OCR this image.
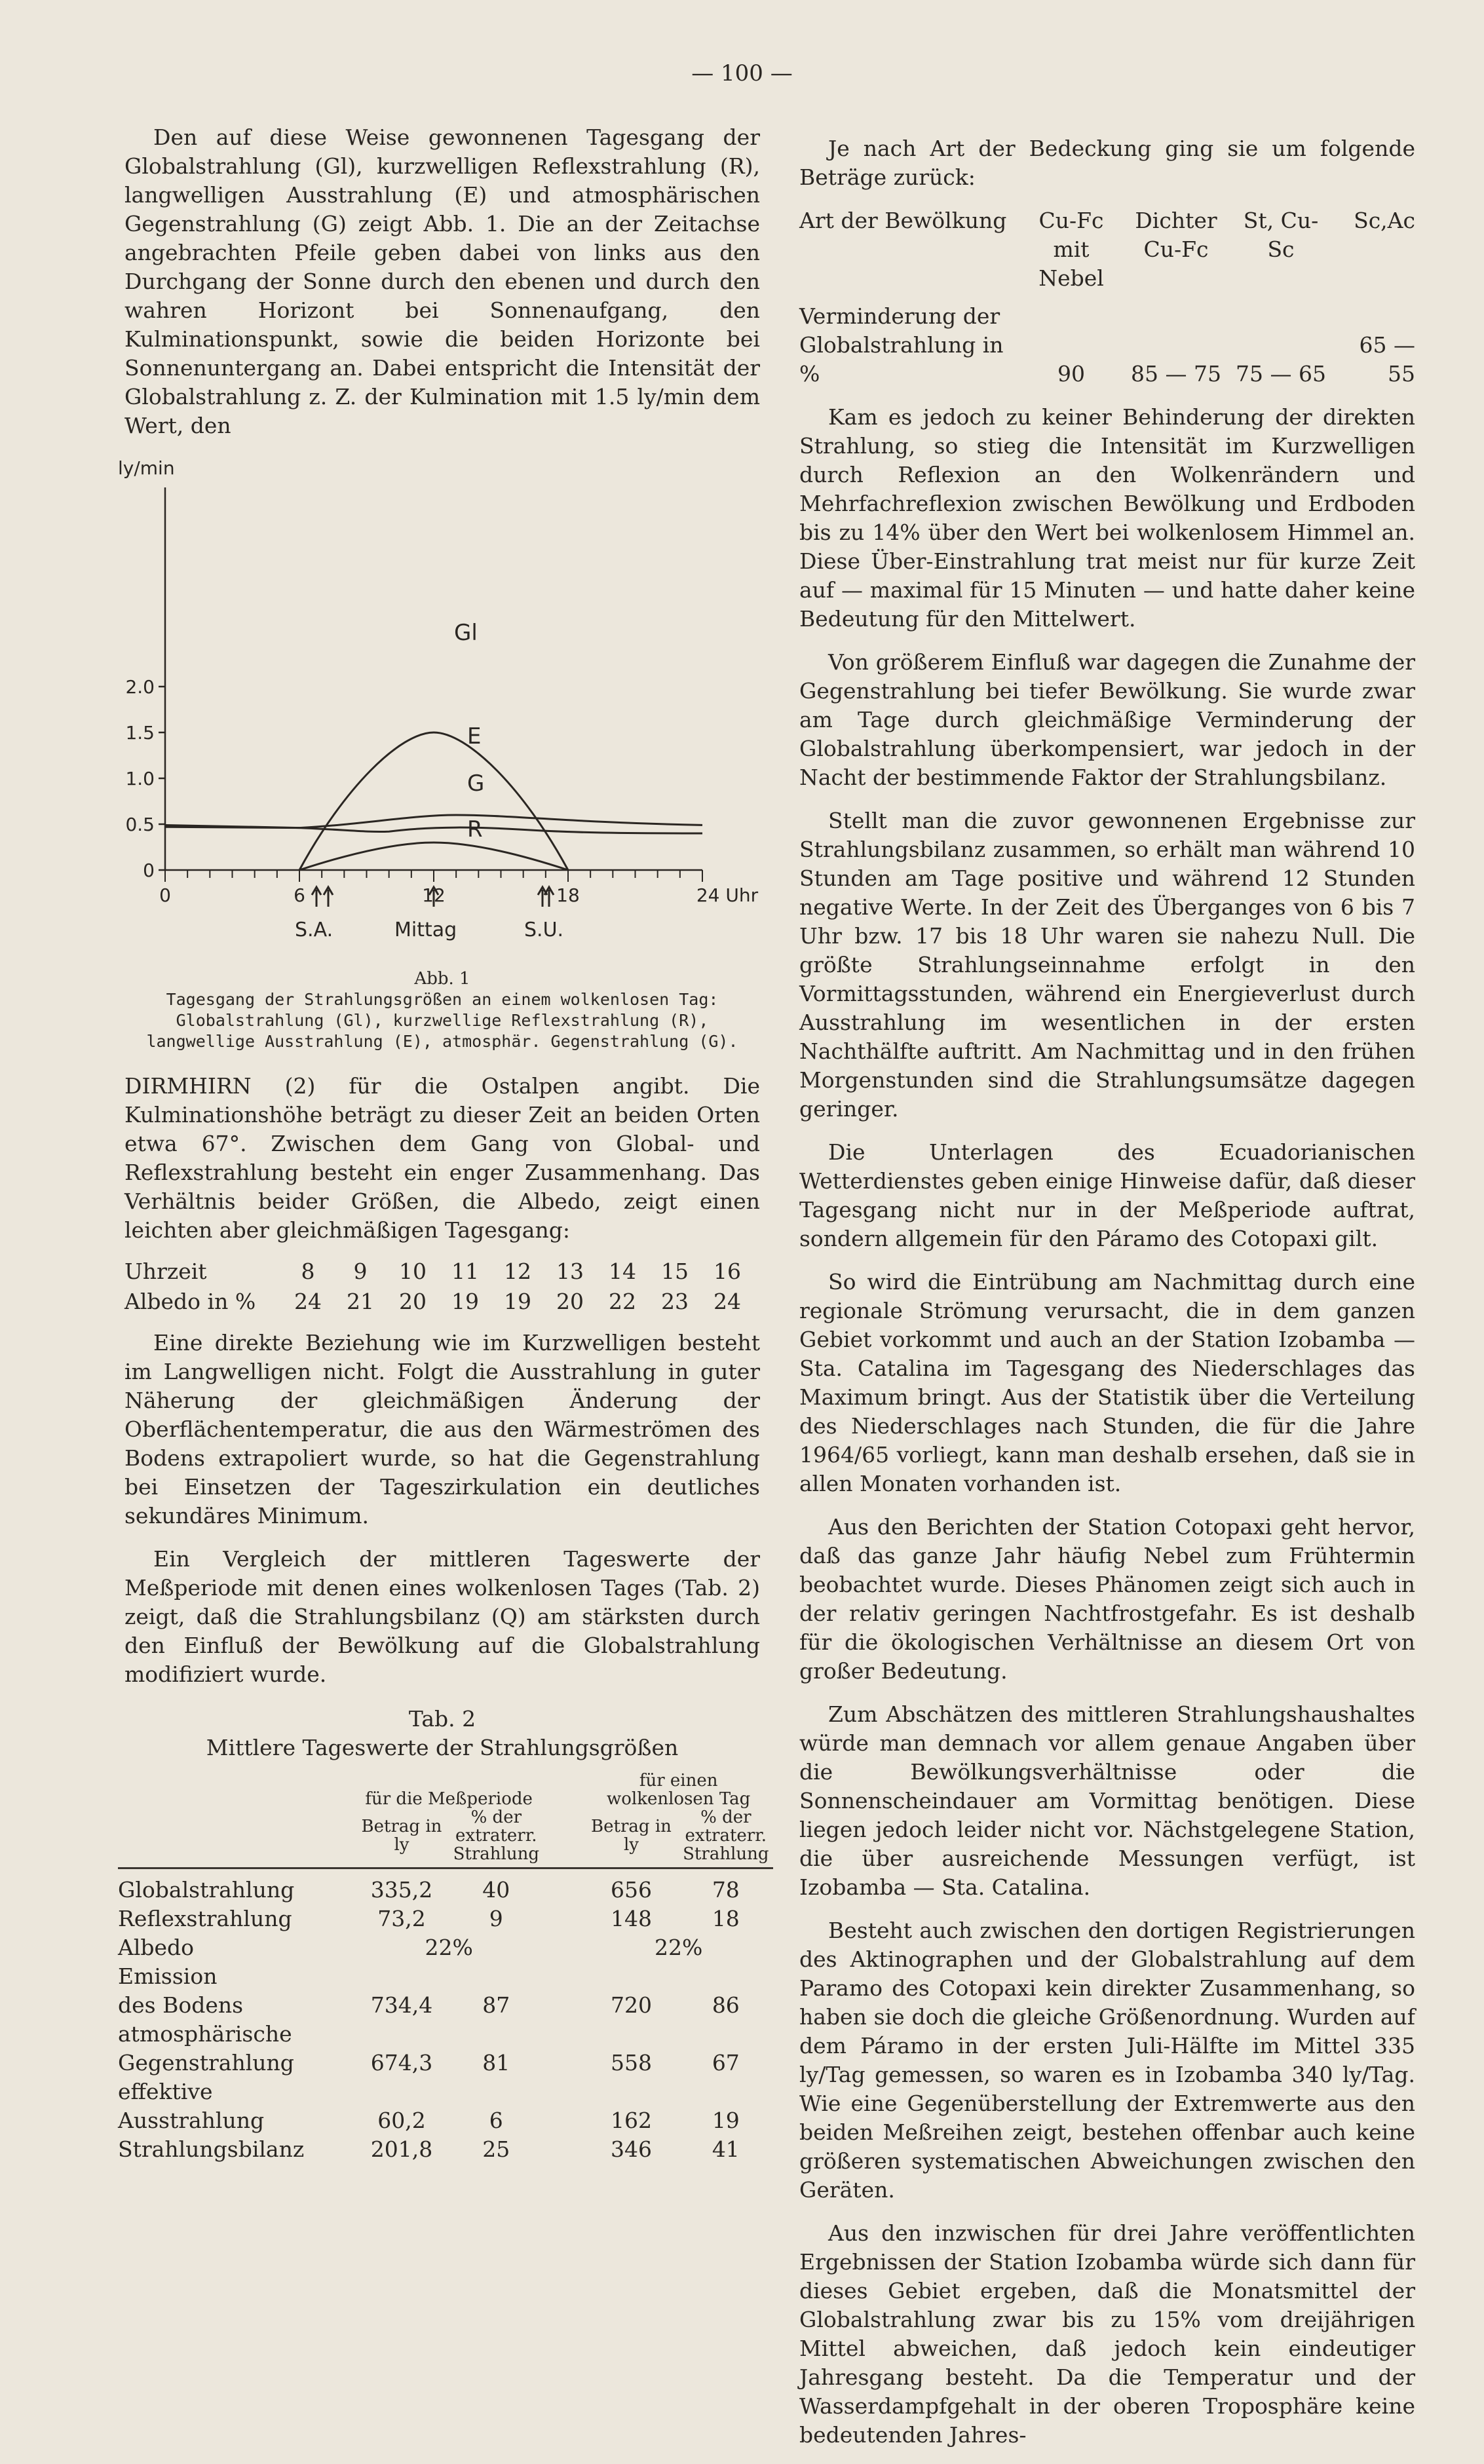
— 100 —

Den auf diese Weise gewonnenen Tagesgang der Globalstrahlung (Gl), kurzwelligen Reflexstrahlung (R), langwelligen Ausstrahlung (E) und atmosphärischen Gegenstrahlung (G) zeigt Abb. 1. Die an der Zeitachse angebrachten Pfeile geben dabei von links aus den Durchgang der Sonne durch den ebenen und durch den wahren Horizont bei Sonnenaufgang, den Kulminationspunkt, sowie die beiden Horizonte bei Sonnenuntergang an. Dabei entspricht die Intensität der Globalstrahlung z. Z. der Kulmination mit 1.5 ly/min dem Wert, den

ly/min
2.0
1.5
1.0
0.5
0
0	6	12	18	24 Uhr
Gl
E
G
R
S.A.	Mittag	S.U.
Abb. 1
Tagesgang der Strahlungsgrößen an einem wolkenlosen Tag:
Globalstrahlung (Gl), kurzwellige Reflexstrahlung (R),
langwellige Ausstrahlung (E), atmosphär. Gegenstrahlung (G).

DIRMHIRN (2) für die Ostalpen angibt. Die Kulminationshöhe beträgt zu dieser Zeit an beiden Orten etwa 67°. Zwischen dem Gang von Global- und Reflexstrahlung besteht ein enger Zusammenhang. Das Verhältnis beider Größen, die Albedo, zeigt einen leichten aber gleichmäßigen Tagesgang:

Uhrzeit	8	9	10	11	12	13	14	15	16
Albedo in %	24	21	20	19	19	20	22	23	24

Eine direkte Beziehung wie im Kurzwelligen besteht im Langwelligen nicht. Folgt die Ausstrahlung in guter Näherung der gleichmäßigen Änderung der Oberflächentemperatur, die aus den Wärmeströmen des Bodens extrapoliert wurde, so hat die Gegenstrahlung bei Einsetzen der Tageszirkulation ein deutliches sekundäres Minimum.

Ein Vergleich der mittleren Tageswerte der Meßperiode mit denen eines wolkenlosen Tages (Tab. 2) zeigt, daß die Strahlungsbilanz (Q) am stärksten durch den Einfluß der Bewölkung auf die Globalstrahlung modifiziert wurde.

Tab. 2
Mittlere Tageswerte der Strahlungsgrößen
	für die Meßperiode			für einen wolkenlosen Tag	
	Betrag in ly	% der extraterr. Strahlung		Betrag in ly	% der extraterr. Strahlung

Globalstrahlung	335,2	40		656	78
Reflexstrahlung	73,2	9		148	18
Albedo	22%			22%	
Emission					
des Bodens	734,4	87		720	86
atmosphärische					
Gegenstrahlung	674,3	81		558	67
effektive					
Ausstrahlung	60,2	6		162	19
Strahlungsbilanz	201,8	25		346	41

Je nach Art der Bedeckung ging sie um folgende Beträge zurück:

Art der Bewölkung	Cu-Fc mit Nebel	Dichter Cu-Fc	St, Cu-Sc	Sc,Ac
Verminderung der Globalstrahlung in %	90	85 — 75	75 — 65	65 — 55

Kam es jedoch zu keiner Behinderung der direkten Strahlung, so stieg die Intensität im Kurzwelligen durch Reflexion an den Wolkenrändern und Mehrfachreflexion zwischen Bewölkung und Erdboden bis zu 14% über den Wert bei wolkenlosem Himmel an. Diese Über-Einstrahlung trat meist nur für kurze Zeit auf — maximal für 15 Minuten — und hatte daher keine Bedeutung für den Mittelwert.

Von größerem Einfluß war dagegen die Zunahme der Gegenstrahlung bei tiefer Bewölkung. Sie wurde zwar am Tage durch gleichmäßige Verminderung der Globalstrahlung überkompensiert, war jedoch in der Nacht der bestimmende Faktor der Strahlungsbilanz.

Stellt man die zuvor gewonnenen Ergebnisse zur Strahlungsbilanz zusammen, so erhält man während 10 Stunden am Tage positive und während 12 Stunden negative Werte. In der Zeit des Überganges von 6 bis 7 Uhr bzw. 17 bis 18 Uhr waren sie nahezu Null. Die größte Strahlungseinnahme erfolgt in den Vormittagsstunden, während ein Energieverlust durch Ausstrahlung im wesentlichen in der ersten Nachthälfte auftritt. Am Nachmittag und in den frühen Morgenstunden sind die Strahlungsumsätze dagegen geringer.

Die Unterlagen des Ecuadorianischen Wetterdienstes geben einige Hinweise dafür, daß dieser Tagesgang nicht nur in der Meßperiode auftrat, sondern allgemein für den Páramo des Cotopaxi gilt.

So wird die Eintrübung am Nachmittag durch eine regionale Strömung verursacht, die in dem ganzen Gebiet vorkommt und auch an der Station Izobamba — Sta. Catalina im Tagesgang des Niederschlages das Maximum bringt. Aus der Statistik über die Verteilung des Niederschlages nach Stunden, die für die Jahre 1964/65 vorliegt, kann man deshalb ersehen, daß sie in allen Monaten vorhanden ist.

Aus den Berichten der Station Cotopaxi geht hervor, daß das ganze Jahr häufig Nebel zum Frühtermin beobachtet wurde. Dieses Phänomen zeigt sich auch in der relativ geringen Nachtfrostgefahr. Es ist deshalb für die ökologischen Verhältnisse an diesem Ort von großer Bedeutung.

Zum Abschätzen des mittleren Strahlungshaushaltes würde man demnach vor allem genaue Angaben über die Bewölkungsverhältnisse oder die Sonnenscheindauer am Vormittag benötigen. Diese liegen jedoch leider nicht vor. Nächstgelegene Station, die über ausreichende Messungen verfügt, ist Izobamba — Sta. Catalina.

Besteht auch zwischen den dortigen Registrierungen des Aktinographen und der Globalstrahlung auf dem Paramo des Cotopaxi kein direkter Zusammenhang, so haben sie doch die gleiche Größenordnung. Wurden auf dem Páramo in der ersten Juli-Hälfte im Mittel 335 ly/Tag gemessen, so waren es in Izobamba 340 ly/Tag. Wie eine Gegenüberstellung der Extremwerte aus den beiden Meßreihen zeigt, bestehen offenbar auch keine größeren systematischen Abweichungen zwischen den Geräten.

Aus den inzwischen für drei Jahre veröffentlichten Ergebnissen der Station Izobamba würde sich dann für dieses Gebiet ergeben, daß die Monatsmittel der Globalstrahlung zwar bis zu 15% vom dreijährigen Mittel abweichen, daß jedoch kein eindeutiger Jahresgang besteht. Da die Temperatur und der Wasserdampfgehalt in der oberen Troposphäre keine bedeutenden Jahres-
